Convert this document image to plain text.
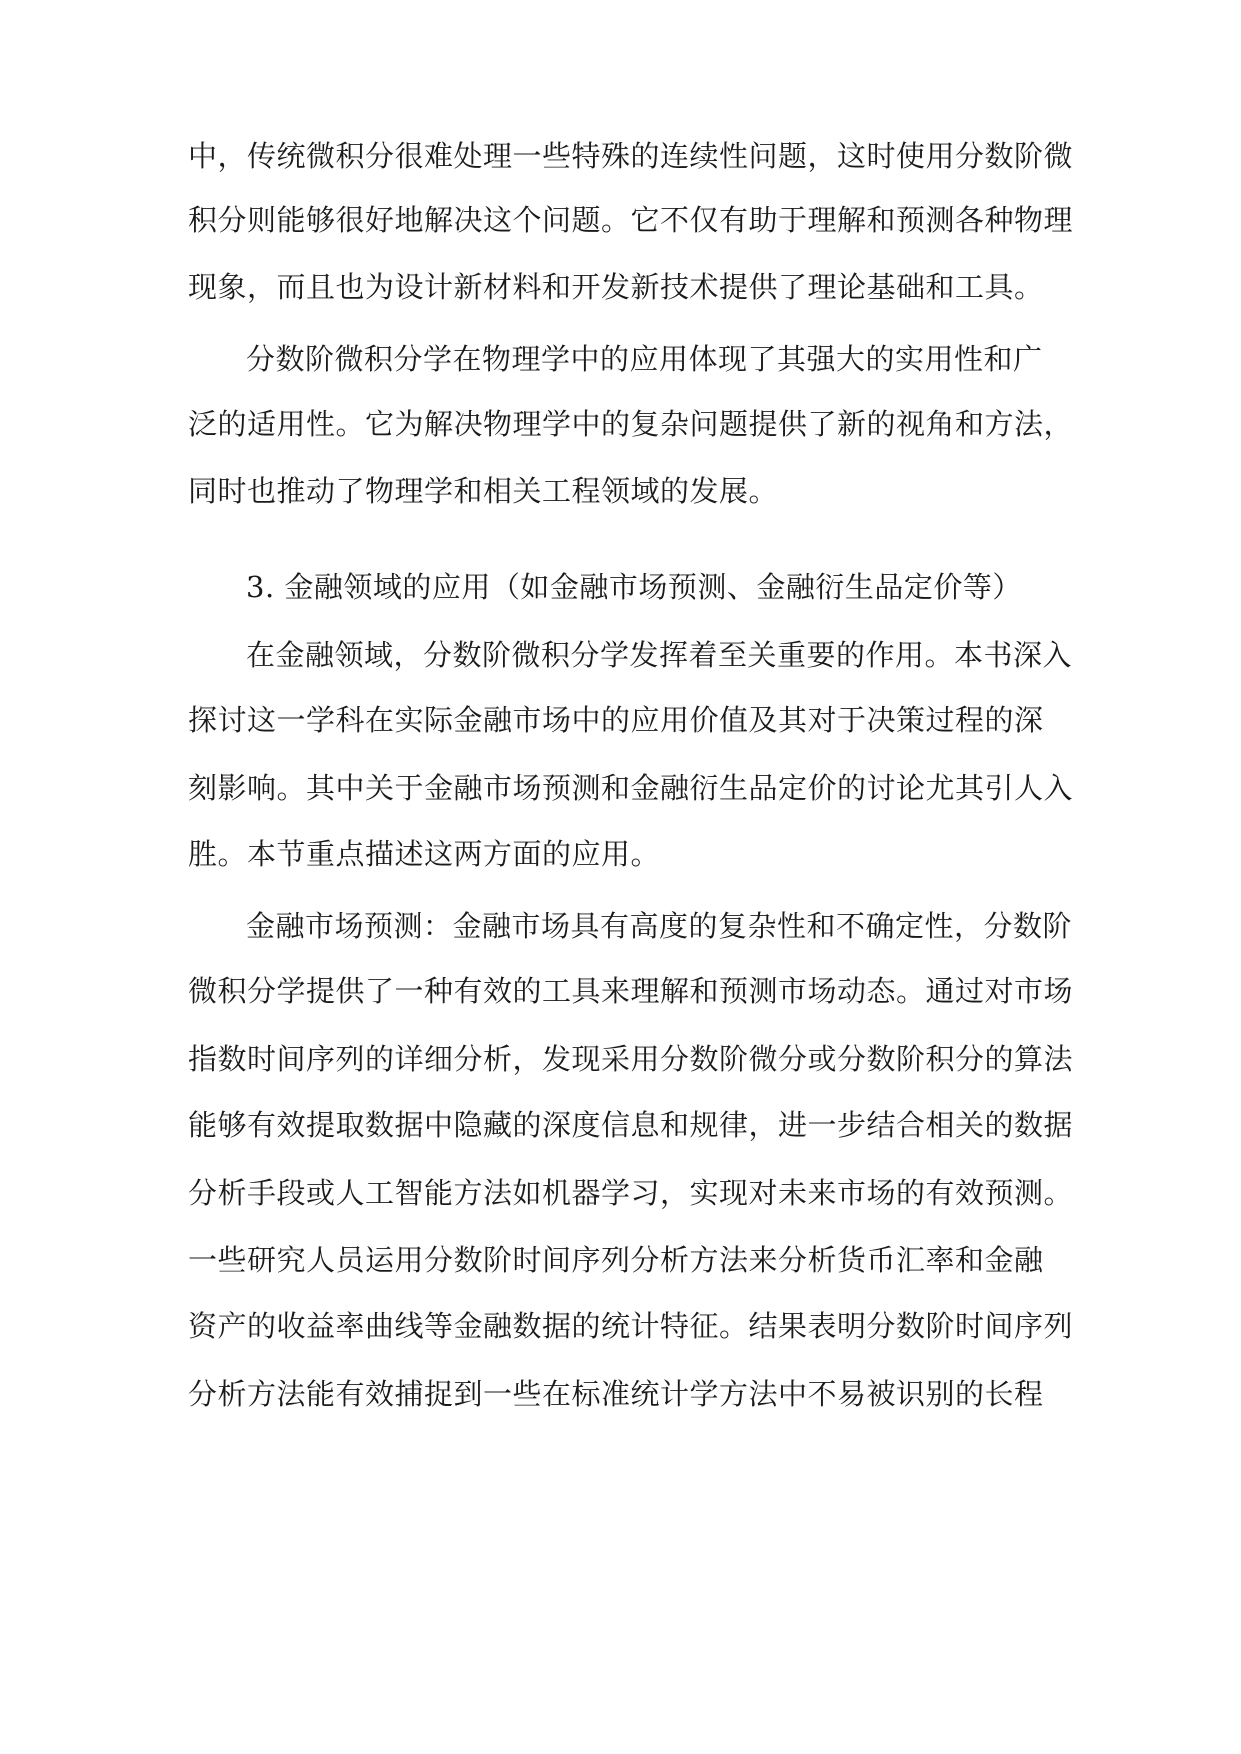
中，传统微积分很难处理一些特殊的连续性问题，这时使用分数阶微
积分则能够很好地解决这个问题。它不仅有助于理解和预测各种物理
现象，而且也为设计新材料和开发新技术提供了理论基础和工具。
分数阶微积分学在物理学中的应用体现了其强大的实用性和广
泛的适用性。它为解决物理学中的复杂问题提供了新的视角和方法，
同时也推动了物理学和相关工程领域的发展。
3. 金融领域的应用（如金融市场预测、金融衍生品定价等）
在金融领域，分数阶微积分学发挥着至关重要的作用。本书深入
探讨这一学科在实际金融市场中的应用价值及其对于决策过程的深
刻影响。其中关于金融市场预测和金融衍生品定价的讨论尤其引人入
胜。本节重点描述这两方面的应用。
金融市场预测：金融市场具有高度的复杂性和不确定性，分数阶
微积分学提供了一种有效的工具来理解和预测市场动态。通过对市场
指数时间序列的详细分析，发现采用分数阶微分或分数阶积分的算法
能够有效提取数据中隐藏的深度信息和规律，进一步结合相关的数据
分析手段或人工智能方法如机器学习，实现对未来市场的有效预测。
一些研究人员运用分数阶时间序列分析方法来分析货币汇率和金融
资产的收益率曲线等金融数据的统计特征。结果表明分数阶时间序列
分析方法能有效捕捉到一些在标准统计学方法中不易被识别的长程
